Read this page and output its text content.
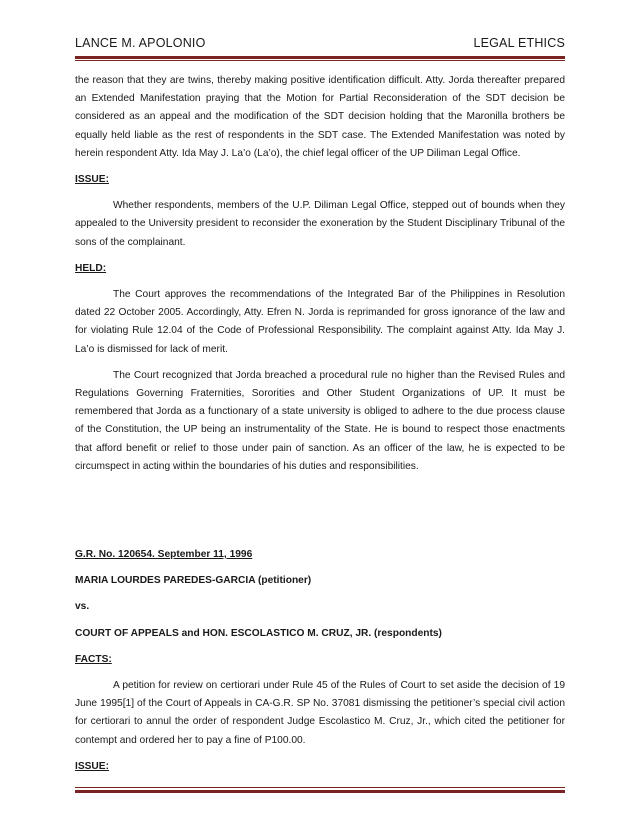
LANCE M. APOLONIO	LEGAL ETHICS

the reason that they are twins, thereby making positive identification difficult. Atty. Jorda thereafter prepared an Extended Manifestation praying that the Motion for Partial Reconsideration of the SDT decision be considered as an appeal and the modification of the SDT decision holding that the Maronilla brothers be equally held liable as the rest of respondents in the SDT case. The Extended Manifestation was noted by herein respondent Atty. Ida May J. La’o (La’o), the chief legal officer of the UP Diliman Legal Office.

ISSUE:

Whether respondents, members of the U.P. Diliman Legal Office, stepped out of bounds when they appealed to the University president to reconsider the exoneration by the Student Disciplinary Tribunal of the sons of the complainant.

HELD:

The Court approves the recommendations of the Integrated Bar of the Philippines in Resolution dated 22 October 2005. Accordingly, Atty. Efren N. Jorda is reprimanded for gross ignorance of the law and for violating Rule 12.04 of the Code of Professional Responsibility. The complaint against Atty. Ida May J. La’o is dismissed for lack of merit.

The Court recognized that Jorda breached a procedural rule no higher than the Revised Rules and Regulations Governing Fraternities, Sororities and Other Student Organizations of UP. It must be remembered that Jorda as a functionary of a state university is obliged to adhere to the due process clause of the Constitution, the UP being an instrumentality of the State. He is bound to respect those enactments that afford benefit or relief to those under pain of sanction. As an officer of the law, he is expected to be circumspect in acting within the boundaries of his duties and responsibilities.

G.R. No. 120654. September 11, 1996

MARIA LOURDES PAREDES-GARCIA (petitioner)

vs.

COURT OF APPEALS and HON. ESCOLASTICO M. CRUZ, JR. (respondents)

FACTS:

A petition for review on certiorari under Rule 45 of the Rules of Court to set aside the decision of 19 June 1995[1] of the Court of Appeals in CA-G.R. SP No. 37081 dismissing the petitioner’s special civil action for certiorari to annul the order of respondent Judge Escolastico M. Cruz, Jr., which cited the petitioner for contempt and ordered her to pay a fine of P100.00.

ISSUE:
